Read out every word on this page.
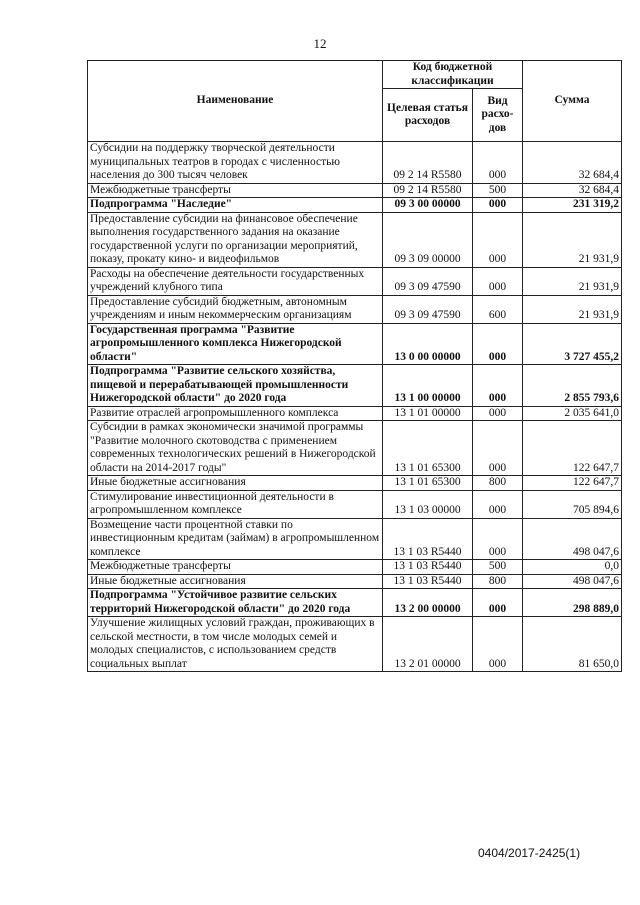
12
Наименование	Код бюджетной классификации		Сумма
	Целевая статья расходов	Вид расхо-дов	
Субсидии на поддержку творческой деятельности муниципальных театров в городах с численностью населения до 300 тысяч человек	09 2 14 R5580	000	32 684,4
Межбюджетные трансферты	09 2 14 R5580	500	32 684,4
Подпрограмма "Наследие"	09 3 00 00000	000	231 319,2
Предоставление субсидии на финансовое обеспечение выполнения государственного задания на оказание государственной услуги по организации мероприятий, показу, прокату кино- и видеофильмов	09 3 09 00000	000	21 931,9
Расходы на обеспечение деятельности государственных учреждений клубного типа	09 3 09 47590	000	21 931,9
Предоставление субсидий бюджетным, автономным учреждениям и иным некоммерческим организациям	09 3 09 47590	600	21 931,9
Государственная программа "Развитие агропромышленного комплекса Нижегородской области"	13 0 00 00000	000	3 727 455,2
Подпрограмма "Развитие сельского хозяйства, пищевой и перерабатывающей промышленности Нижегородской области" до 2020 года	13 1 00 00000	000	2 855 793,6
Развитие отраслей агропромышленного комплекса	13 1 01 00000	000	2 035 641,0
Субсидии в рамках экономически значимой программы "Развитие молочного скотоводства с применением современных технологических решений в Нижегородской области на 2014-2017 годы"	13 1 01 65300	000	122 647,7
Иные бюджетные ассигнования	13 1 01 65300	800	122 647,7
Стимулирование инвестиционной деятельности в агропромышленном комплексе	13 1 03 00000	000	705 894,6
Возмещение части процентной ставки по инвестиционным кредитам (займам) в агропромышленном комплексе	13 1 03 R5440	000	498 047,6
Межбюджетные трансферты	13 1 03 R5440	500	0,0
Иные бюджетные ассигнования	13 1 03 R5440	800	498 047,6
Подпрограмма "Устойчивое развитие сельских территорий Нижегородской области" до 2020 года	13 2 00 00000	000	298 889,0
Улучшение жилищных условий граждан, проживающих в сельской местности, в том числе молодых семей и молодых специалистов, с использованием средств социальных выплат	13 2 01 00000	000	81 650,0
0404/2017-2425(1)
